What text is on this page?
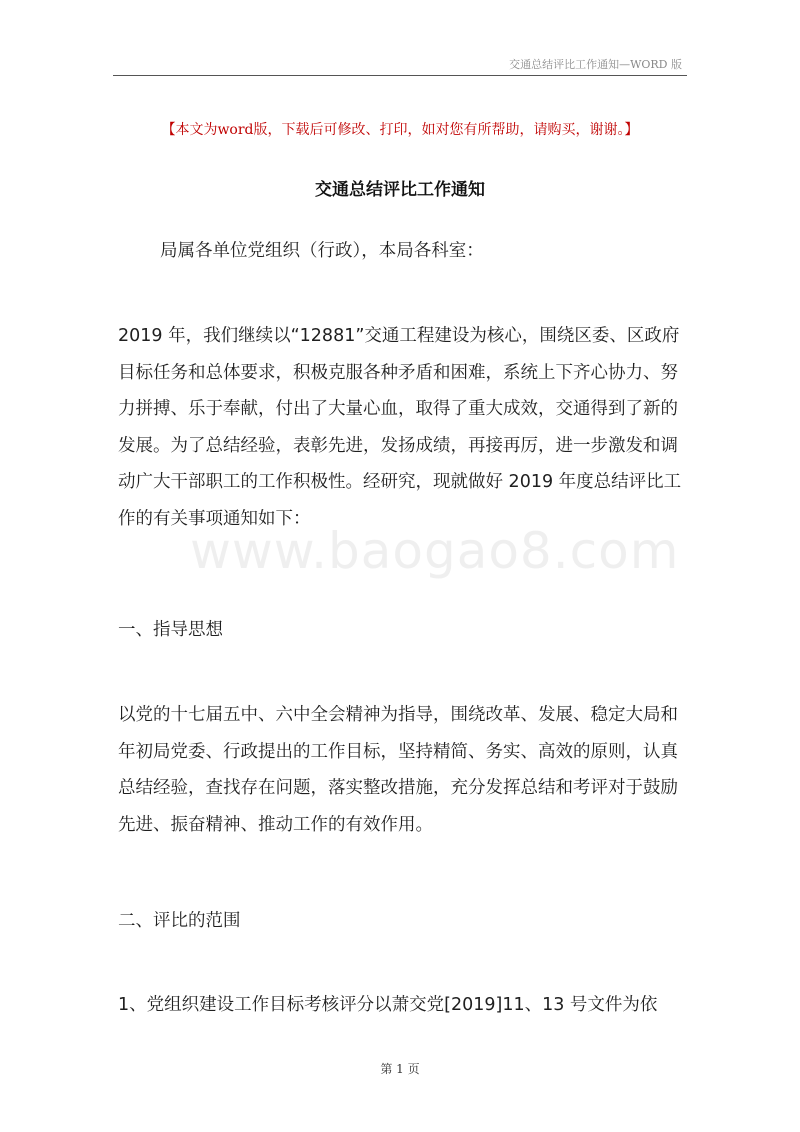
交通总结评比工作通知—WORD 版
【本文为word版，下载后可修改、打印，如对您有所帮助，请购买，谢谢。】
交通总结评比工作通知

局属各单位党组织（行政），本局各科室：

2019 年，我们继续以“12881”交通工程建设为核心，围绕区委、区政府目标任务和总体要求，积极克服各种矛盾和困难，系统上下齐心协力、努力拼搏、乐于奉献，付出了大量心血，取得了重大成效，交通得到了新的发展。为了总结经验，表彰先进，发扬成绩，再接再厉，进一步激发和调动广大干部职工的工作积极性。经研究，现就做好 2019 年度总结评比工作的有关事项通知如下：

www.baogao8.com

一、指导思想

以党的十七届五中、六中全会精神为指导，围绕改革、发展、稳定大局和年初局党委、行政提出的工作目标，坚持精简、务实、高效的原则，认真总结经验，查找存在问题，落实整改措施，充分发挥总结和考评对于鼓励先进、振奋精神、推动工作的有效作用。

二、评比的范围

1、党组织建设工作目标考核评分以萧交党[2019]11、13 号文件为依

第 1 页
